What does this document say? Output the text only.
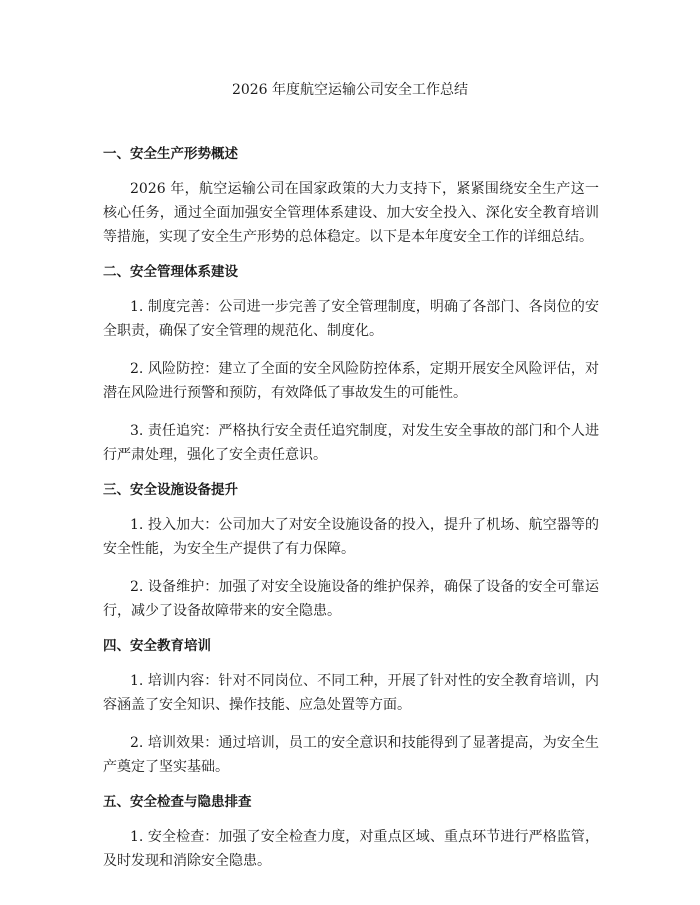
2026 年度航空运输公司安全工作总结
一、安全生产形势概述

2026 年，航空运输公司在国家政策的大力支持下，紧紧围绕安全生产这一核心任务，通过全面加强安全管理体系建设、加大安全投入、深化安全教育培训等措施，实现了安全生产形势的总体稳定。以下是本年度安全工作的详细总结。

二、安全管理体系建设

1. 制度完善：公司进一步完善了安全管理制度，明确了各部门、各岗位的安全职责，确保了安全管理的规范化、制度化。

2. 风险防控：建立了全面的安全风险防控体系，定期开展安全风险评估，对潜在风险进行预警和预防，有效降低了事故发生的可能性。

3. 责任追究：严格执行安全责任追究制度，对发生安全事故的部门和个人进行严肃处理，强化了安全责任意识。

三、安全设施设备提升

1. 投入加大：公司加大了对安全设施设备的投入，提升了机场、航空器等的安全性能，为安全生产提供了有力保障。

2. 设备维护：加强了对安全设施设备的维护保养，确保了设备的安全可靠运行，减少了设备故障带来的安全隐患。

四、安全教育培训

1. 培训内容：针对不同岗位、不同工种，开展了针对性的安全教育培训，内容涵盖了安全知识、操作技能、应急处置等方面。

2. 培训效果：通过培训，员工的安全意识和技能得到了显著提高，为安全生产奠定了坚实基础。

五、安全检查与隐患排查

1. 安全检查：加强了安全检查力度，对重点区域、重点环节进行严格监管，及时发现和消除安全隐患。
